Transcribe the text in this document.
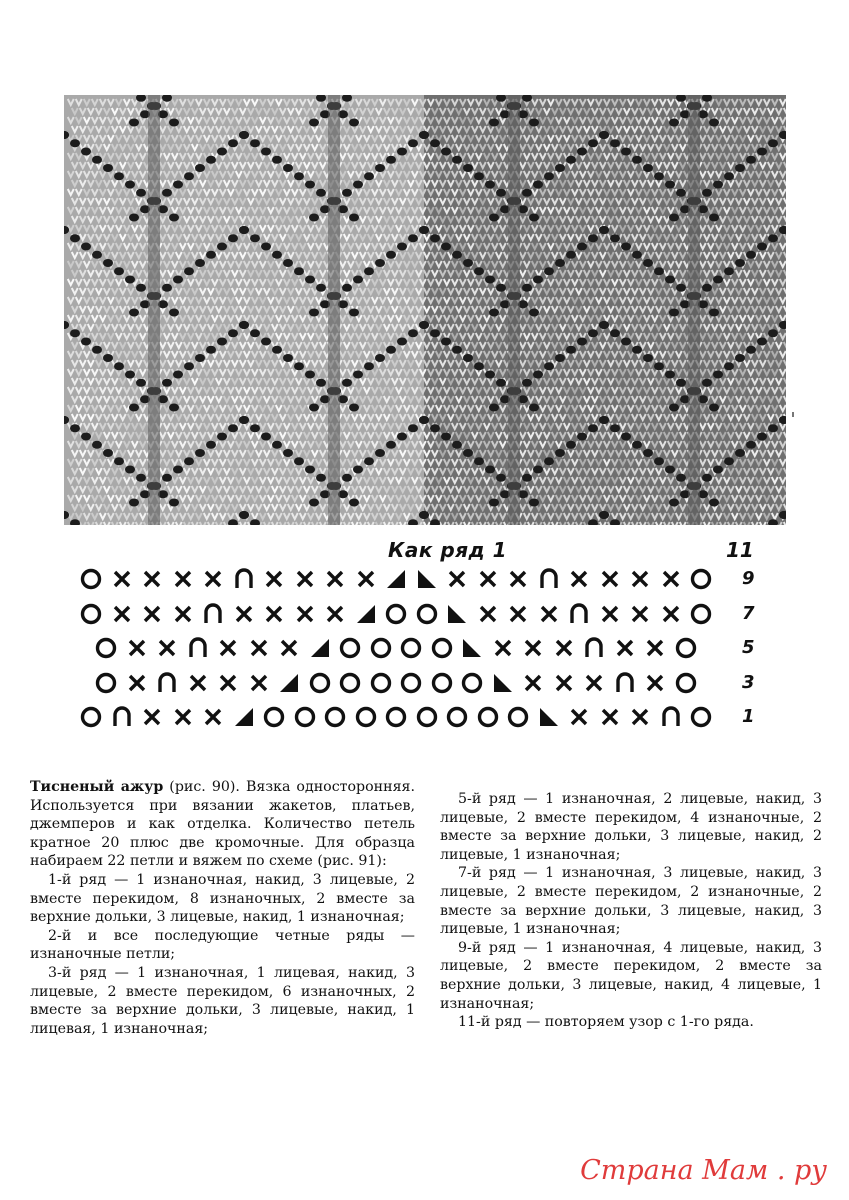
Как ряд 1	11
9
7
5
3
1

Тисненый ажур (рис. 90). Вязка односторонняя. Используется при вязании жакетов, платьев, джемперов и как отделка. Количество петель кратное 20 плюс две кромочные. Для образца набираем 22 петли и вяжем по схеме (рис. 91):

1-й ряд — 1 изнаночная, накид, 3 лицевые, 2 вместе перекидом, 8 изнаночных, 2 вместе за верхние дольки, 3 лицевые, накид, 1 изнаночная;

2-й и все последующие четные ряды — изнаночные петли;

3-й ряд — 1 изнаночная, 1 лицевая, накид, 3 лицевые, 2 вместе перекидом, 6 изнаночных, 2 вместе за верхние дольки, 3 лицевые, накид, 1 лицевая, 1 изнаночная;

5-й ряд — 1 изнаночная, 2 лицевые, накид, 3 лицевые, 2 вместе перекидом, 4 изнаночные, 2 вместе за верхние дольки, 3 лицевые, накид, 2 лицевые, 1 изнаночная;

7-й ряд — 1 изнаночная, 3 лицевые, накид, 3 лицевые, 2 вместе перекидом, 2 изнаночные, 2 вместе за верхние дольки, 3 лицевые, накид, 3 лицевые, 1 изнаночная;

9-й ряд — 1 изнаночная, 4 лицевые, накид, 3 лицевые, 2 вместе перекидом, 2 вместе за верхние дольки, 3 лицевые, накид, 4 лицевые, 1 изнаночная;

11-й ряд — повторяем узор с 1-го ряда.

Страна Мам . ру
